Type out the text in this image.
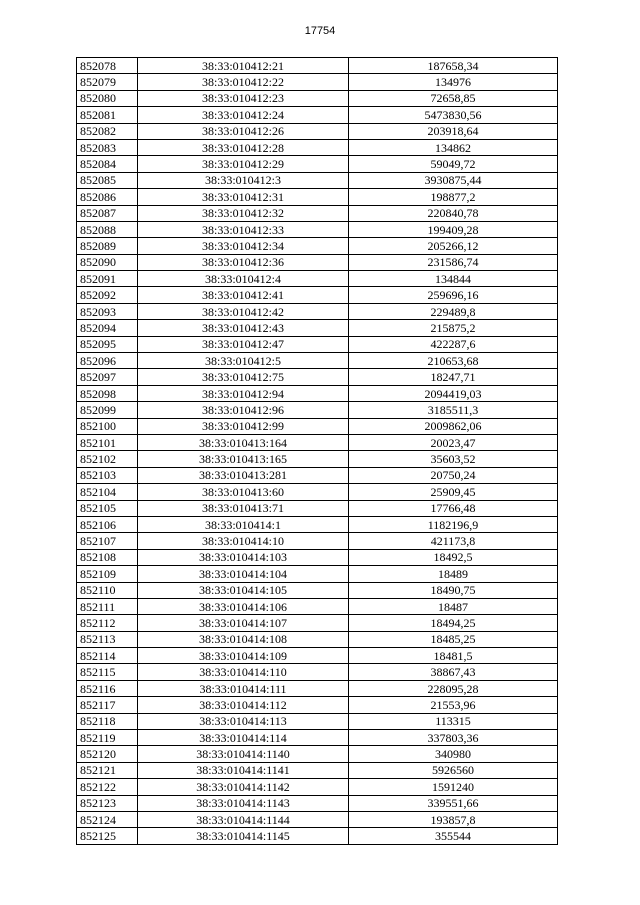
17754
852078	38:33:010412:21	187658,34
852079	38:33:010412:22	134976
852080	38:33:010412:23	72658,85
852081	38:33:010412:24	5473830,56
852082	38:33:010412:26	203918,64
852083	38:33:010412:28	134862
852084	38:33:010412:29	59049,72
852085	38:33:010412:3	3930875,44
852086	38:33:010412:31	198877,2
852087	38:33:010412:32	220840,78
852088	38:33:010412:33	199409,28
852089	38:33:010412:34	205266,12
852090	38:33:010412:36	231586,74
852091	38:33:010412:4	134844
852092	38:33:010412:41	259696,16
852093	38:33:010412:42	229489,8
852094	38:33:010412:43	215875,2
852095	38:33:010412:47	422287,6
852096	38:33:010412:5	210653,68
852097	38:33:010412:75	18247,71
852098	38:33:010412:94	2094419,03
852099	38:33:010412:96	3185511,3
852100	38:33:010412:99	2009862,06
852101	38:33:010413:164	20023,47
852102	38:33:010413:165	35603,52
852103	38:33:010413:281	20750,24
852104	38:33:010413:60	25909,45
852105	38:33:010413:71	17766,48
852106	38:33:010414:1	1182196,9
852107	38:33:010414:10	421173,8
852108	38:33:010414:103	18492,5
852109	38:33:010414:104	18489
852110	38:33:010414:105	18490,75
852111	38:33:010414:106	18487
852112	38:33:010414:107	18494,25
852113	38:33:010414:108	18485,25
852114	38:33:010414:109	18481,5
852115	38:33:010414:110	38867,43
852116	38:33:010414:111	228095,28
852117	38:33:010414:112	21553,96
852118	38:33:010414:113	113315
852119	38:33:010414:114	337803,36
852120	38:33:010414:1140	340980
852121	38:33:010414:1141	5926560
852122	38:33:010414:1142	1591240
852123	38:33:010414:1143	339551,66
852124	38:33:010414:1144	193857,8
852125	38:33:010414:1145	355544
